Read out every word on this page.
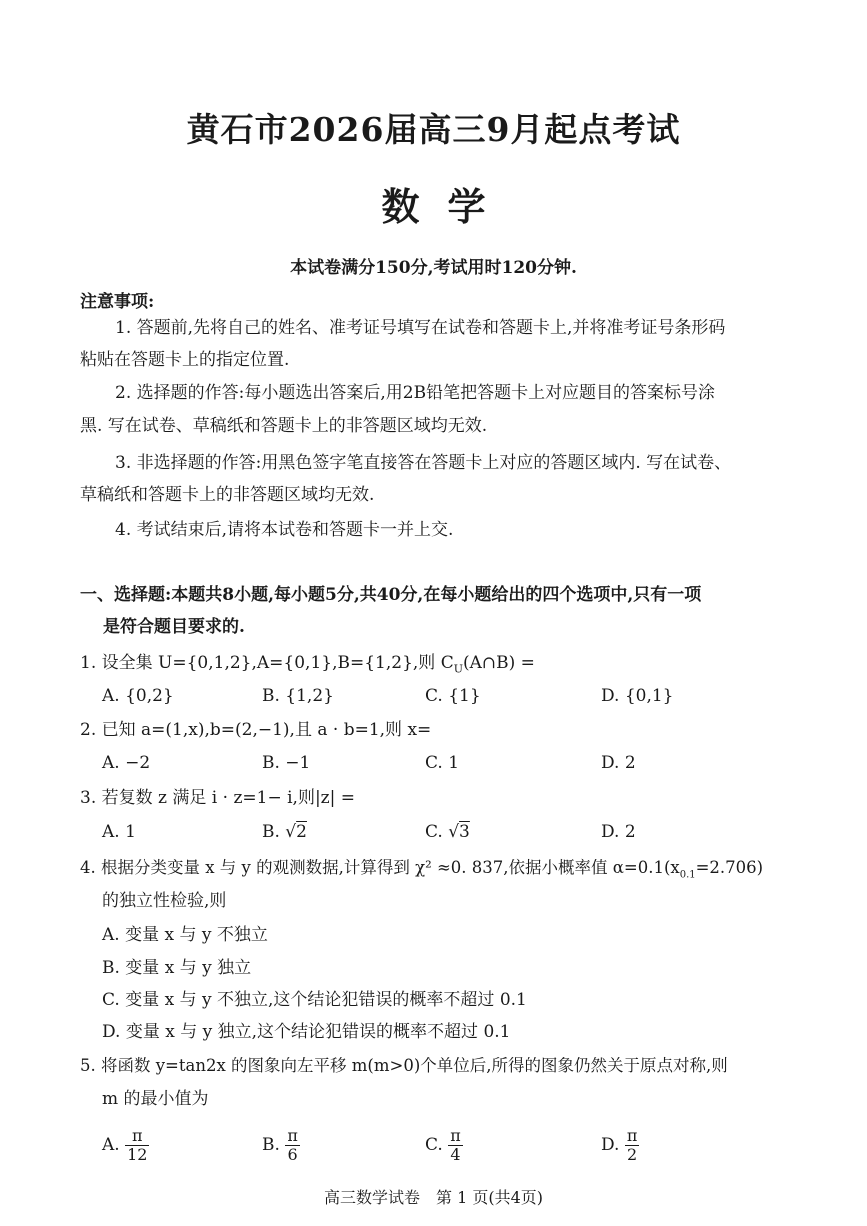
黄石市2026届高三9月起点考试
数学
本试卷满分150分,考试用时120分钟.
注意事项:
1. 答题前,先将自己的姓名、准考证号填写在试卷和答题卡上,并将准考证号条形码
粘贴在答题卡上的指定位置.
2. 选择题的作答:每小题选出答案后,用2B铅笔把答题卡上对应题目的答案标号涂
黑. 写在试卷、草稿纸和答题卡上的非答题区域均无效.
3. 非选择题的作答:用黑色签字笔直接答在答题卡上对应的答题区域内. 写在试卷、
草稿纸和答题卡上的非答题区域均无效.
4. 考试结束后,请将本试卷和答题卡一并上交.
一、选择题:本题共8小题,每小题5分,共40分,在每小题给出的四个选项中,只有一项
是符合题目要求的.
1. 设全集 U={0,1,2},A={0,1},B={1,2},则 $C_U(A\cap B)$ =
A. {0,2}	B. {1,2}	C. {1}	D. {0,1}
2. 已知 a=(1,x),b=(2,−1),且 a · b=1,则 x=
A. −2	B. −1	C. 1	D. 2
3. 若复数 z 满足 i · z=1− i,则|z| =
A. 1	B. √2	C. √3	D. 2
4. 根据分类变量 x 与 y 的观测数据,计算得到 χ² ≈0. 837,依据小概率值 $\alpha=0.1(x_{0.1}=2.706)$
的独立性检验,则
A. 变量 x 与 y 不独立
B. 变量 x 与 y 独立
C. 变量 x 与 y 不独立,这个结论犯错误的概率不超过 0.1
D. 变量 x 与 y 独立,这个结论犯错误的概率不超过 0.1
5. 将函数 y=tan2x 的图象向左平移 m(m>0)个单位后,所得的图象仍然关于原点对称,则
m 的最小值为
A. $\frac{\pi}{12}$	B. $\frac{\pi}{6}$	C. $\frac{\pi}{4}$	D. $\frac{\pi}{2}$
高三数学试卷　第 1 页(共4页)
